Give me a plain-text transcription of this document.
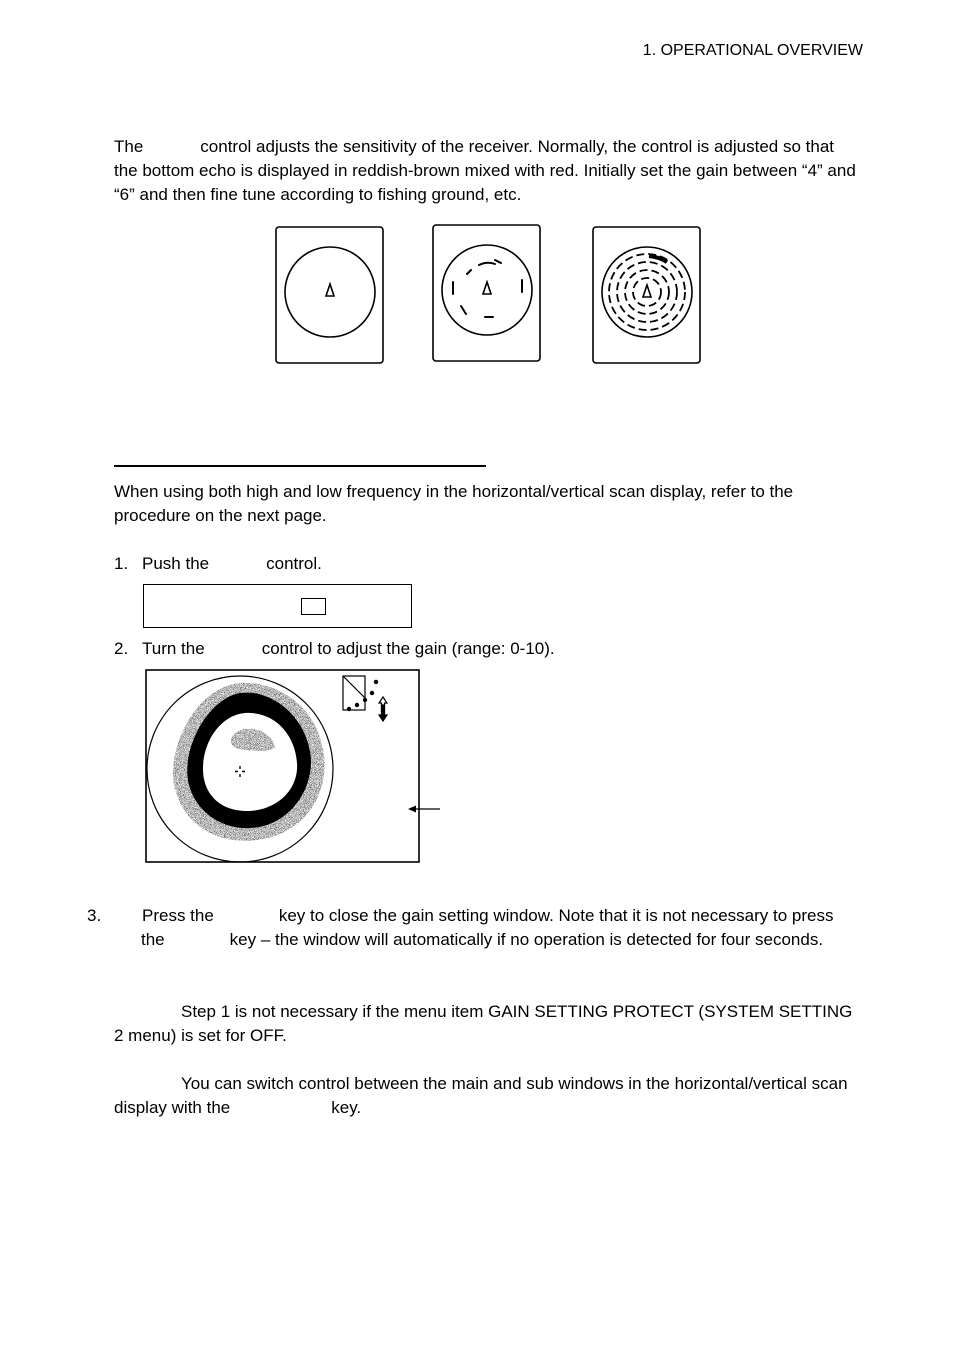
1. OPERATIONAL OVERVIEW

The	control adjusts the sensitivity of the receiver. Normally, the control is adjusted so that the bottom echo is displayed in reddish-brown mixed with red. Initially set the gain between “4” and “6” and then fine tune according to fishing ground, etc.

When using both high and low frequency in the horizontal/vertical scan display, refer to the procedure on the next page.

1. Push the	control.

2. Turn the	control to adjust the gain (range: 0-10).

3. Press the	key to close the gain setting window. Note that it is not necessary to press the	key – the window will automatically if no operation is detected for four seconds.

Step 1 is not necessary if the menu item GAIN SETTING PROTECT (SYSTEM SETTING 2 menu) is set for OFF.

You can switch control between the main and sub windows in the horizontal/vertical scan display with the	key.
